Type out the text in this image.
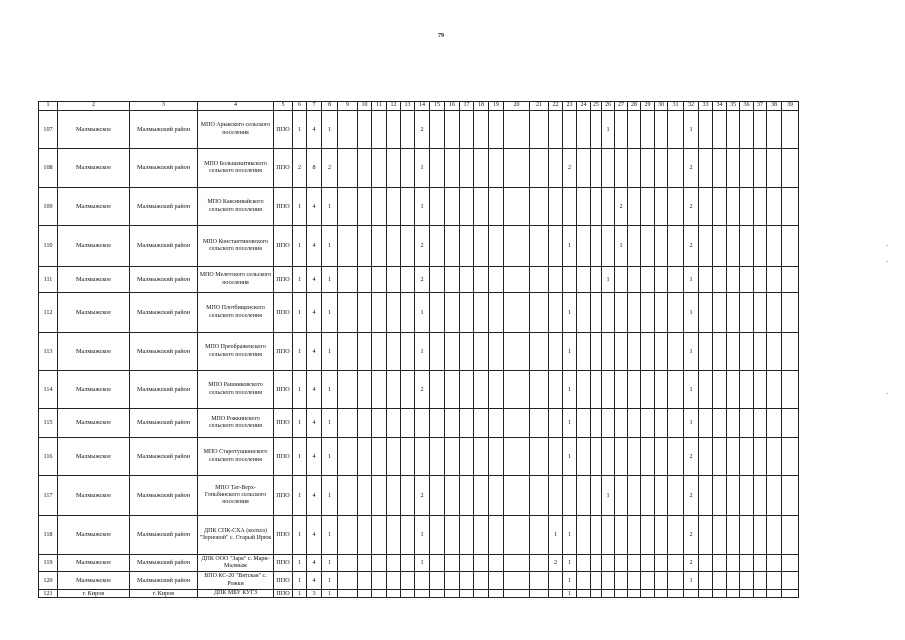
79
1	2	3	4	5	6	7	8	9	10	11	12	13	14	15	16	17	18	19	20	21	22	23	24	25	26	27	28	29	30	31	32	33	34	35	36	37	38	39
107	Малмыжское	Малмыжский район	МПО Арыкского сельского поселения	ППО	1	4	1						2												1						1							
108	Малмыжское	Малмыжский район	МПО Большекитякского сельского поселения	ППО	2	8	2						1									2									2							
109	Малмыжское	Малмыжский район	МПО Каксинвайского сельского поселения	ППО	1	4	1						1													2					2							
110	Малмыжское	Малмыжский район	МПО Константиновского сельского поселения	ППО	1	4	1						2									1				1					2							
111	Малмыжское	Малмыжский район	МПО Мелетского сельского поселения	ППО	1	4	1						2												1						1							
112	Малмыжское	Малмыжский район	МПО Плотбищенского сельского поселения	ППО	1	4	1						1									1									1							
113	Малмыжское	Малмыжский район	МПО Преображенского сельского поселения	ППО	1	4	1						1									1									1							
114	Малмыжское	Малмыжский район	МПО Рашниковского сельского поселения	ППО	1	4	1						2									1									1							
115	Малмыжское	Малмыжский район	МПО Рожкинского сельского поселения	ППО	1	4	1															1									1							
116	Малмыжское	Малмыжский район	МПО Старотушкинского сельского поселения	ППО	1	4	1															1									2							
117	Малмыжское	Малмыжский район	МПО Тат-Верх-Гоньбинского сельского поселения	ППО	1	4	1						2												1						2							
118	Малмыжское	Малмыжский район	ДПК СПК-СХА (колхоз) "Зерновой" с. Старый Ирюк	ППО	1	4	1						1								1	1									2							
119	Малмыжское	Малмыжский район	ДПК ООО "Заря" с. Мари-Малмыж	ППО	1	4	1						1								2	1									2							
120	Малмыжское	Малмыжский район	ВПО КС-20 "Вятская" с. Рожки	ППО	1	4	1															1									1							
121	г. Киров	г. Киров	ДПК МБУ КУГЗ	ППО	1	3	1															1																
·
·
·
